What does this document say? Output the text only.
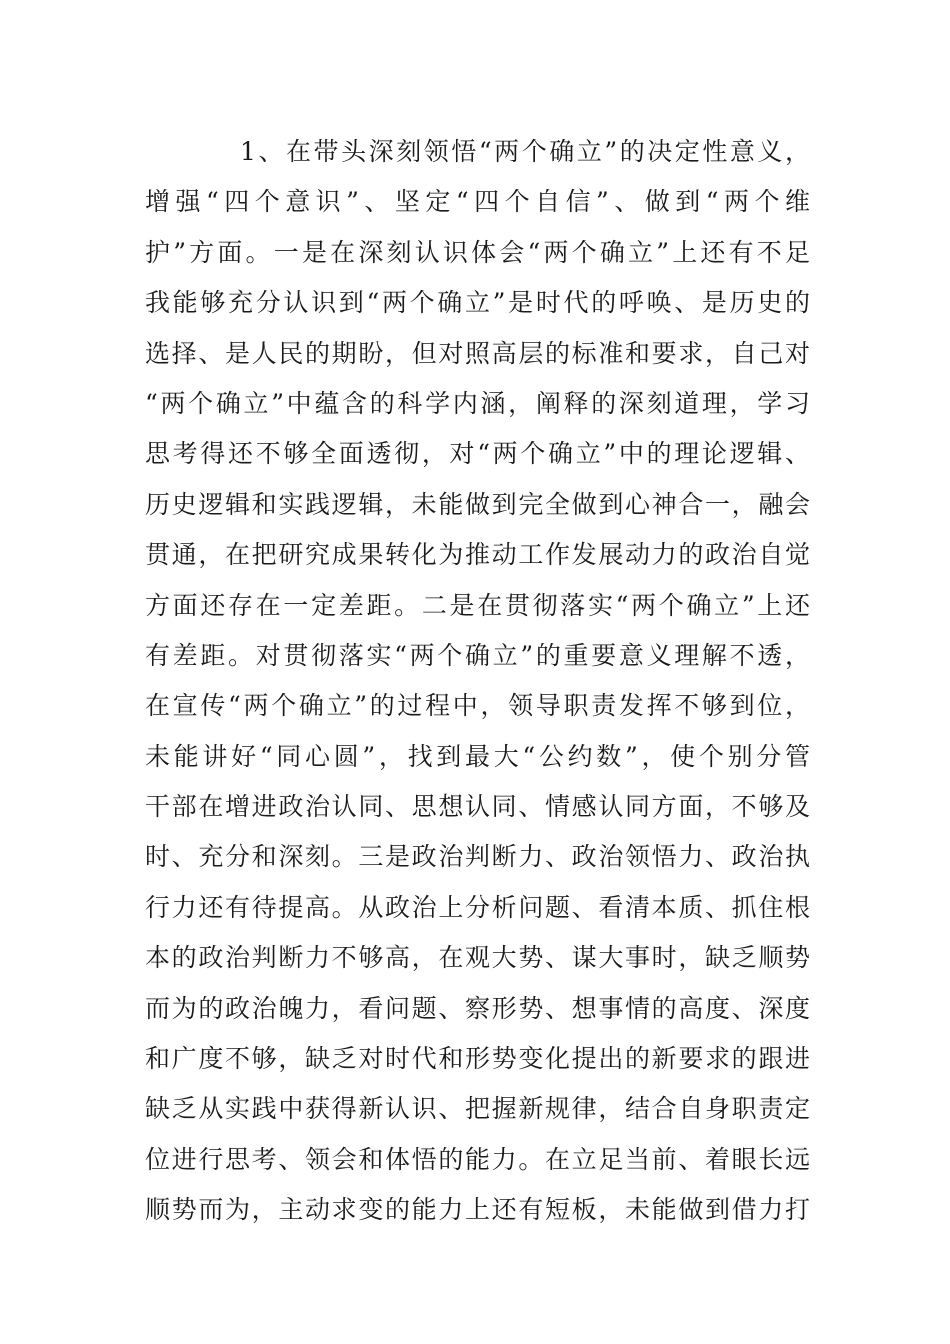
1、在带头深刻领悟“两个确立”的决定性意义，
增强“四个意识”、坚定“四个自信”、做到“两个维
护”方面。一是在深刻认识体会“两个确立”上还有不足
我能够充分认识到“两个确立”是时代的呼唤、是历史的
选择、是人民的期盼，但对照高层的标准和要求，自己对
“两个确立”中蕴含的科学内涵，阐释的深刻道理，学习
思考得还不够全面透彻，对“两个确立”中的理论逻辑、
历史逻辑和实践逻辑，未能做到完全做到心神合一，融会
贯通，在把研究成果转化为推动工作发展动力的政治自觉
方面还存在一定差距。二是在贯彻落实“两个确立”上还
有差距。对贯彻落实“两个确立”的重要意义理解不透，
在宣传“两个确立”的过程中，领导职责发挥不够到位，
未能讲好“同心圆”，找到最大“公约数”，使个别分管
干部在增进政治认同、思想认同、情感认同方面，不够及
时、充分和深刻。三是政治判断力、政治领悟力、政治执
行力还有待提高。从政治上分析问题、看清本质、抓住根
本的政治判断力不够高，在观大势、谋大事时，缺乏顺势
而为的政治魄力，看问题、察形势、想事情的高度、深度
和广度不够，缺乏对时代和形势变化提出的新要求的跟进
缺乏从实践中获得新认识、把握新规律，结合自身职责定
位进行思考、领会和体悟的能力。在立足当前、着眼长远
顺势而为，主动求变的能力上还有短板，未能做到借力打
